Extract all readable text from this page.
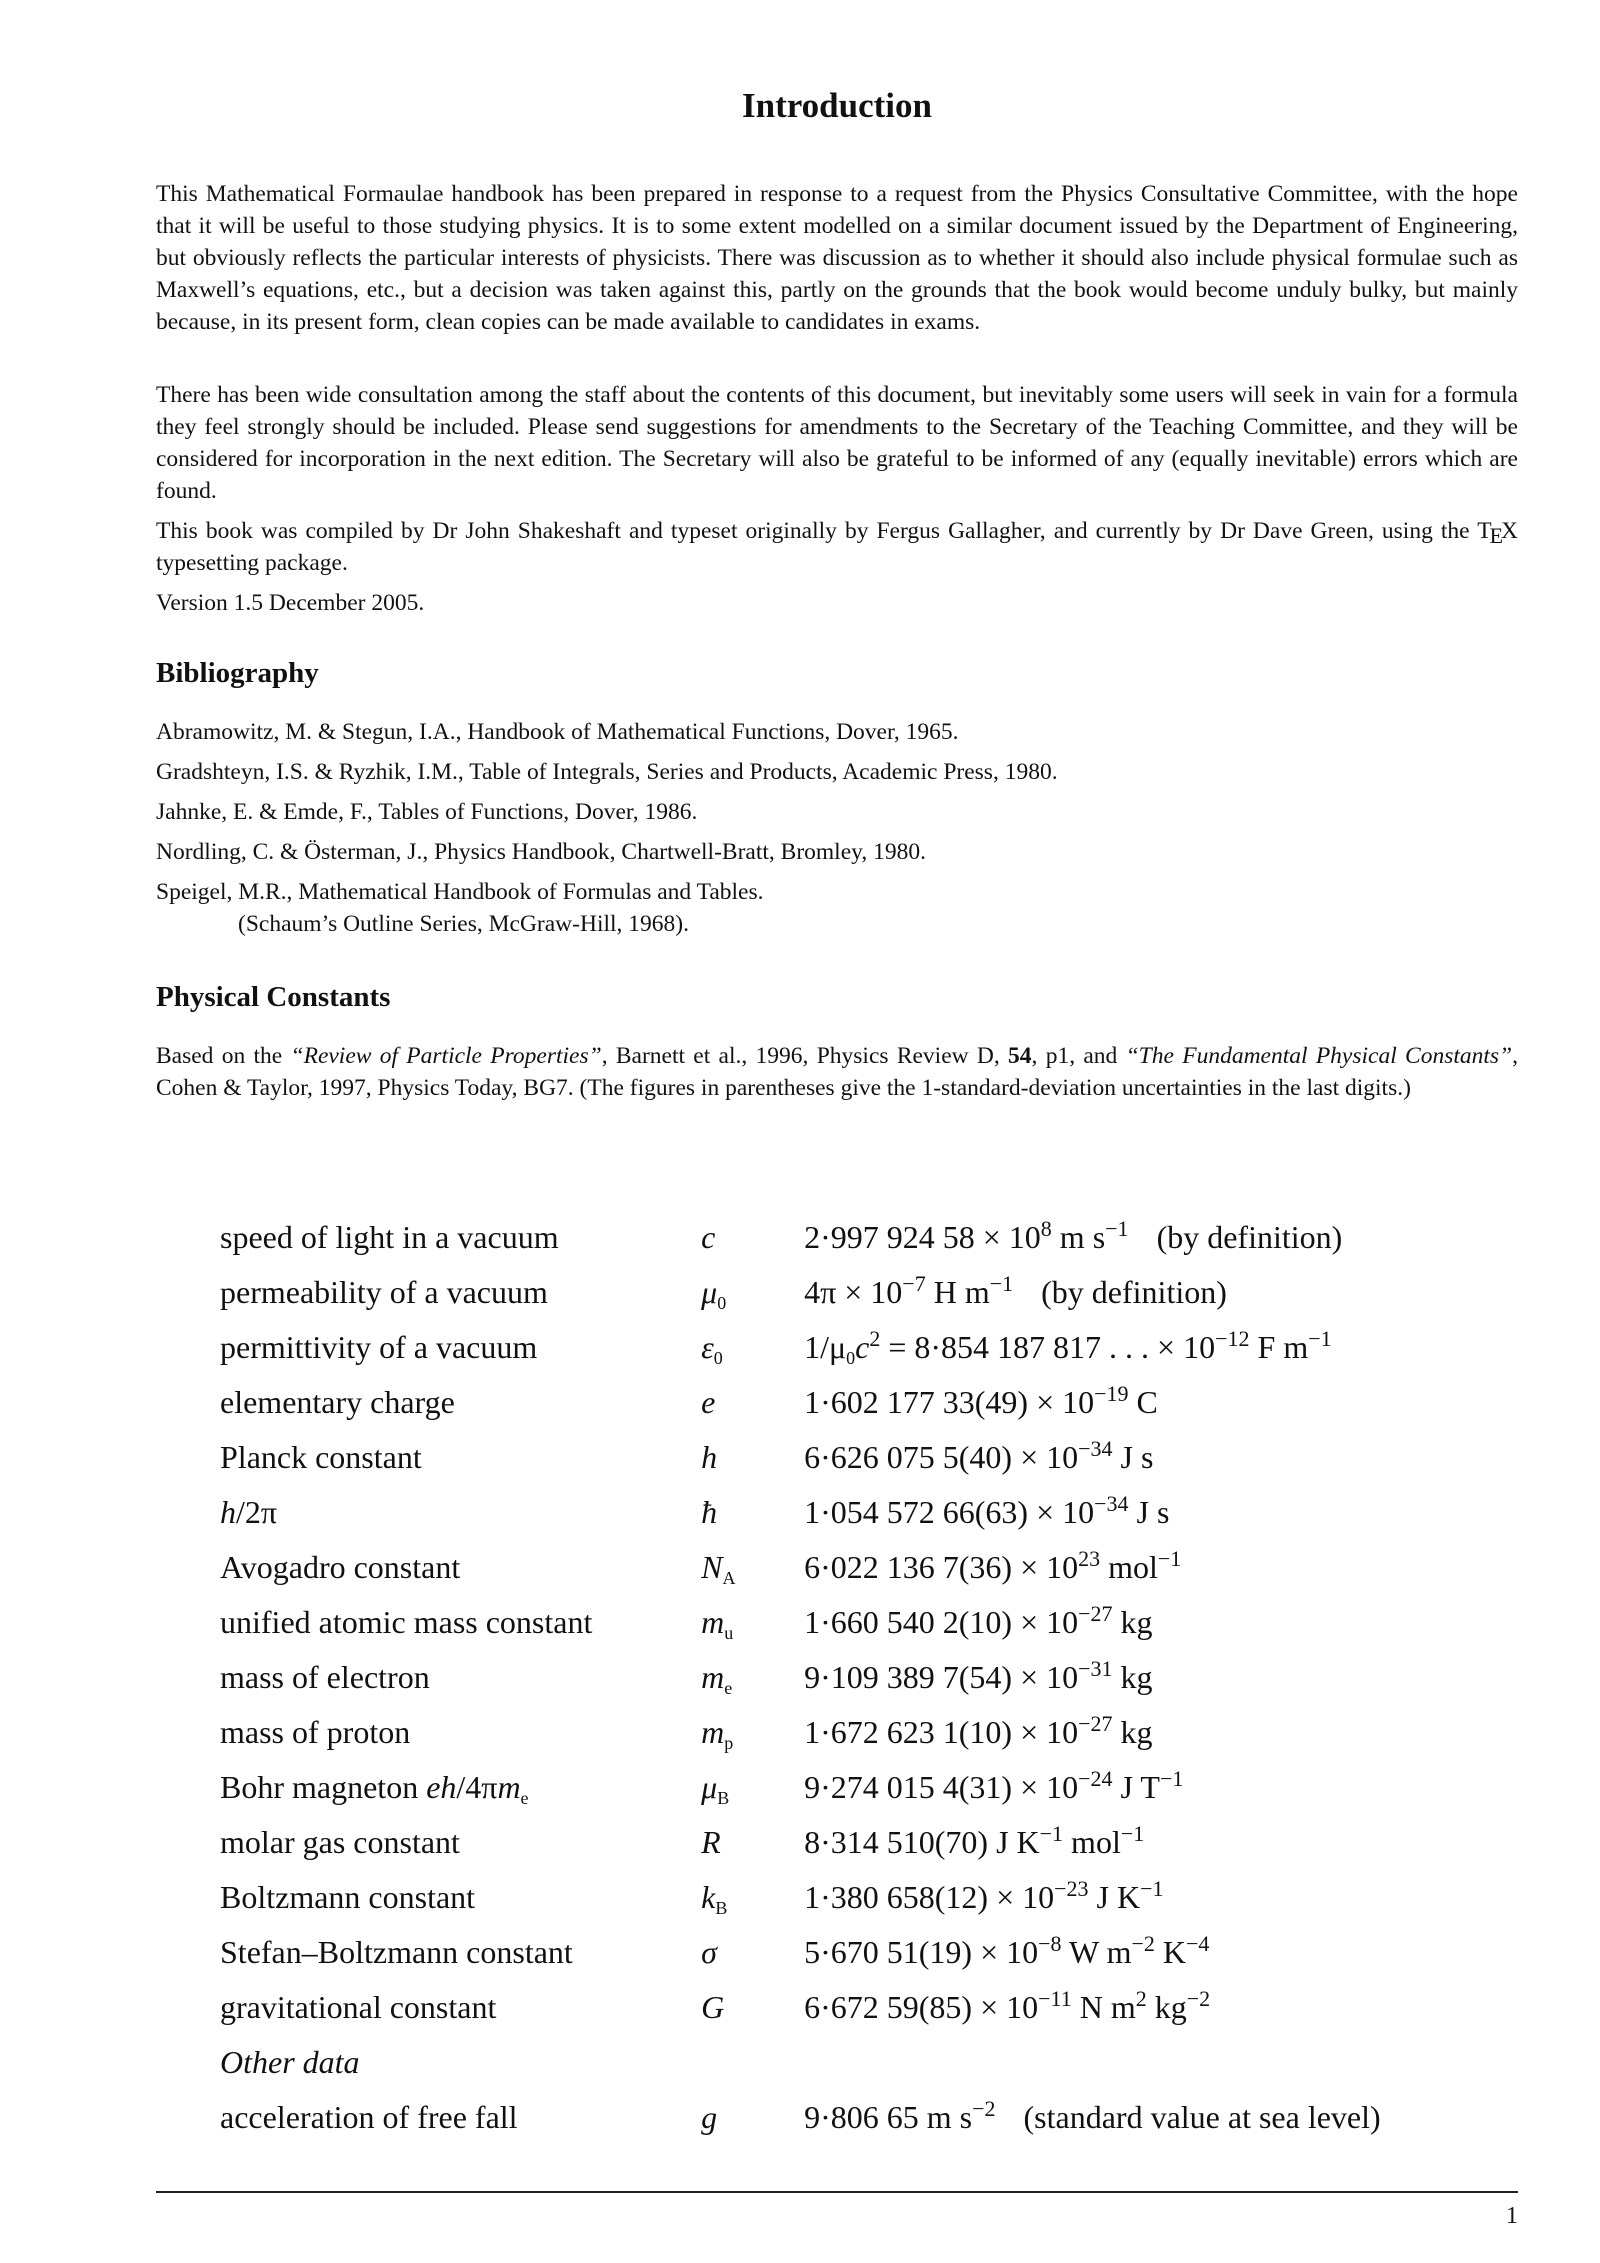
Introduction

This Mathematical Formaulae handbook has been prepared in response to a request from the Physics Consultative Committee, with the hope that it will be useful to those studying physics. It is to some extent modelled on a similar document issued by the Department of Engineering, but obviously reflects the particular interests of physicists. There was discussion as to whether it should also include physical formulae such as Maxwell’s equations, etc., but a decision was taken against this, partly on the grounds that the book would become unduly bulky, but mainly because, in its present form, clean copies can be made available to candidates in exams.

There has been wide consultation among the staff about the contents of this document, but inevitably some users will seek in vain for a formula they feel strongly should be included. Please send suggestions for amendments to the Secretary of the Teaching Committee, and they will be considered for incorporation in the next edition. The Secretary will also be grateful to be informed of any (equally inevitable) errors which are found.

This book was compiled by Dr John Shakeshaft and typeset originally by Fergus Gallagher, and currently by Dr Dave Green, using the TEX typesetting package.

Version 1.5 December 2005.

Bibliography
Abramowitz, M. & Stegun, I.A., Handbook of Mathematical Functions, Dover, 1965.
Gradshteyn, I.S. & Ryzhik, I.M., Table of Integrals, Series and Products, Academic Press, 1980.
Jahnke, E. & Emde, F., Tables of Functions, Dover, 1986.
Nordling, C. & Österman, J., Physics Handbook, Chartwell-Bratt, Bromley, 1980.
Speigel, M.R., Mathematical Handbook of Formulas and Tables.
(Schaum’s Outline Series, McGraw-Hill, 1968).
Physical Constants

Based on the “Review of Particle Properties”, Barnett et al., 1996, Physics Review D, 54, p1, and “The Fundamental Physical Constants”, Cohen & Taylor, 1997, Physics Today, BG7. (The figures in parentheses give the 1-standard-deviation uncertainties in the last digits.)

speed of light in a vacuum	c	2·997 924 $58 \times 10^8$ m $s^{-1}$ (by definition)
permeability of a vacuum	$\mu_0$	$4\pi \times 10^{-7}$ H $m^{-1}$ (by definition)
permittivity of a vacuum	$\varepsilon_0$	$1/\mu_0c^2 = 8\cdot 854$ 187 817 . . . × $10^{-12}$ F $m^{-1}$
elementary charge	e	1·602 177 $33(49) \times 10^{-19}$ C
Planck constant	h	6·626 075 $5(40) \times 10^{-34}$ J s
h/2π	ħ	1·054 572 $66(63) \times 10^{-34}$ J s
Avogadro constant	$N_A$	6·022 136 $7(36) \times 10^{23}$ mol$^{-1}$
unified atomic mass constant	$m_u$	1·660 540 $2(10) \times 10^{-27}$ kg
mass of electron	$m_e$	9·109 389 $7(54) \times 10^{-31}$ kg
mass of proton	$m_p$	1·672 623 $1(10) \times 10^{-27}$ kg
Bohr magneton $eh/4\pi m_e$	$\mu_B$	9·274 015 $4(31) \times 10^{-24}$ J $T^{-1}$
molar gas constant	R	8·314 510(70) J $K^{-1}$ mol$^{-1}$
Boltzmann constant	$k_B$	1·380 $658(12) \times 10^{-23}$ J $K^{-1}$
Stefan–Boltzmann constant	σ	5·670 $51(19) \times 10^{-8}$ W $m^{-2}$ $K^{-4}$
gravitational constant	G	6·672 $59(85) \times 10^{-11}$ N $m^2$ $kg^{-2}$
Other data		
acceleration of free fall	g	9·806 65 m $s^{-2}$ (standard value at sea level)
1
